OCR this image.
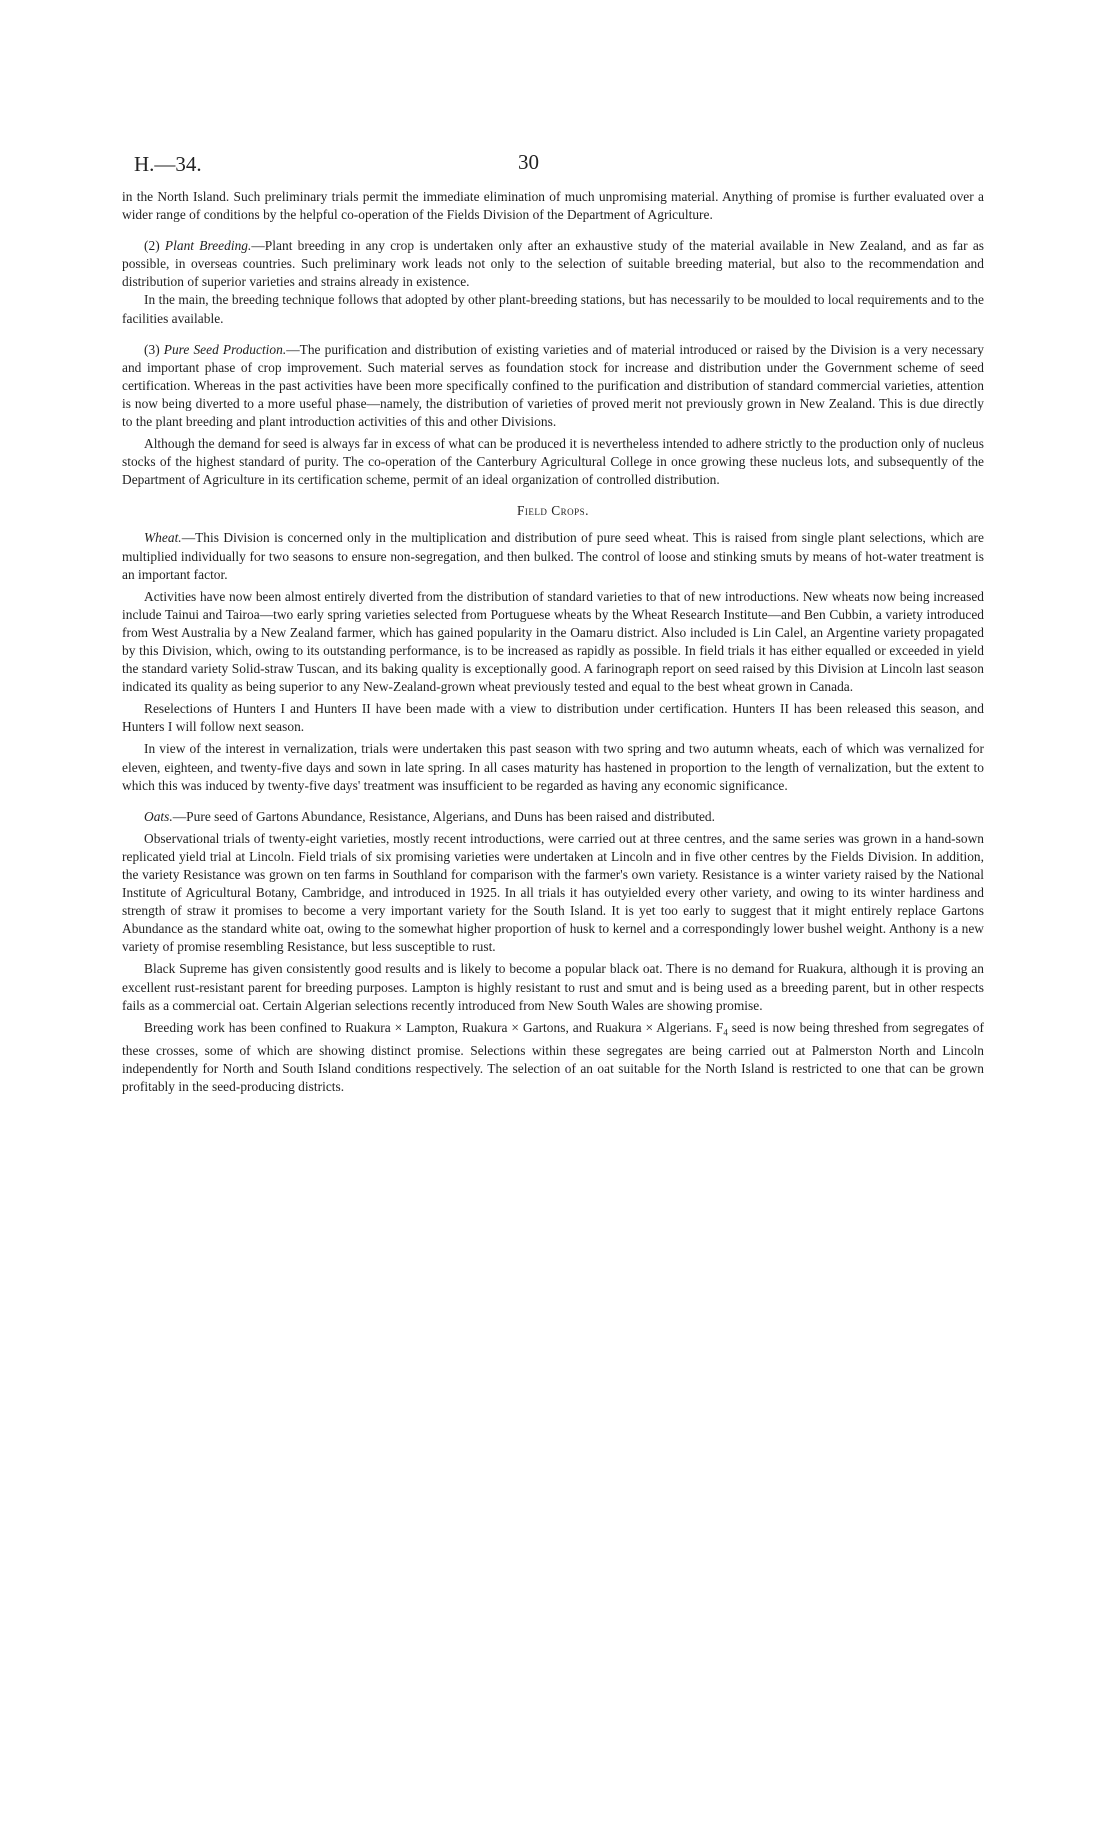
H.—34.	30

in the North Island. Such preliminary trials permit the immediate elimination of much unpromising material. Anything of promise is further evaluated over a wider range of conditions by the helpful co-operation of the Fields Division of the Department of Agriculture.

(2) Plant Breeding.—Plant breeding in any crop is undertaken only after an exhaustive study of the material available in New Zealand, and as far as possible, in overseas countries. Such preliminary work leads not only to the selection of suitable breeding material, but also to the recommendation and distribution of superior varieties and strains already in existence.

In the main, the breeding technique follows that adopted by other plant-breeding stations, but has necessarily to be moulded to local requirements and to the facilities available.

(3) Pure Seed Production.—The purification and distribution of existing varieties and of material introduced or raised by the Division is a very necessary and important phase of crop improvement. Such material serves as foundation stock for increase and distribution under the Government scheme of seed certification. Whereas in the past activities have been more specifically confined to the purification and distribution of standard commercial varieties, attention is now being diverted to a more useful phase—namely, the distribution of varieties of proved merit not previously grown in New Zealand. This is due directly to the plant breeding and plant introduction activities of this and other Divisions.

Although the demand for seed is always far in excess of what can be produced it is nevertheless intended to adhere strictly to the production only of nucleus stocks of the highest standard of purity. The co-operation of the Canterbury Agricultural College in once growing these nucleus lots, and subsequently of the Department of Agriculture in its certification scheme, permit of an ideal organization of controlled distribution.

Field Crops.

Wheat.—This Division is concerned only in the multiplication and distribution of pure seed wheat. This is raised from single plant selections, which are multiplied individually for two seasons to ensure non-segregation, and then bulked. The control of loose and stinking smuts by means of hot-water treatment is an important factor.

Activities have now been almost entirely diverted from the distribution of standard varieties to that of new introductions. New wheats now being increased include Tainui and Tairoa—two early spring varieties selected from Portuguese wheats by the Wheat Research Institute—and Ben Cubbin, a variety introduced from West Australia by a New Zealand farmer, which has gained popularity in the Oamaru district. Also included is Lin Calel, an Argentine variety propagated by this Division, which, owing to its outstanding performance, is to be increased as rapidly as possible. In field trials it has either equalled or exceeded in yield the standard variety Solid-straw Tuscan, and its baking quality is exceptionally good. A farinograph report on seed raised by this Division at Lincoln last season indicated its quality as being superior to any New-Zealand-grown wheat previously tested and equal to the best wheat grown in Canada.

Reselections of Hunters I and Hunters II have been made with a view to distribution under certification. Hunters II has been released this season, and Hunters I will follow next season.

In view of the interest in vernalization, trials were undertaken this past season with two spring and two autumn wheats, each of which was vernalized for eleven, eighteen, and twenty-five days and sown in late spring. In all cases maturity has hastened in proportion to the length of vernalization, but the extent to which this was induced by twenty-five days' treatment was insufficient to be regarded as having any economic significance.

Oats.—Pure seed of Gartons Abundance, Resistance, Algerians, and Duns has been raised and distributed.

Observational trials of twenty-eight varieties, mostly recent introductions, were carried out at three centres, and the same series was grown in a hand-sown replicated yield trial at Lincoln. Field trials of six promising varieties were undertaken at Lincoln and in five other centres by the Fields Division. In addition, the variety Resistance was grown on ten farms in Southland for comparison with the farmer's own variety. Resistance is a winter variety raised by the National Institute of Agricultural Botany, Cambridge, and introduced in 1925. In all trials it has outyielded every other variety, and owing to its winter hardiness and strength of straw it promises to become a very important variety for the South Island. It is yet too early to suggest that it might entirely replace Gartons Abundance as the standard white oat, owing to the somewhat higher proportion of husk to kernel and a correspondingly lower bushel weight. Anthony is a new variety of promise resembling Resistance, but less susceptible to rust.

Black Supreme has given consistently good results and is likely to become a popular black oat. There is no demand for Ruakura, although it is proving an excellent rust-resistant parent for breeding purposes. Lampton is highly resistant to rust and smut and is being used as a breeding parent, but in other respects fails as a commercial oat. Certain Algerian selections recently introduced from New South Wales are showing promise.

Breeding work has been confined to Ruakura × Lampton, Ruakura × Gartons, and Ruakura × Algerians. $F_4$ seed is now being threshed from segregates of these crosses, some of which are showing distinct promise. Selections within these segregates are being carried out at Palmerston North and Lincoln independently for North and South Island conditions respectively. The selection of an oat suitable for the North Island is restricted to one that can be grown profitably in the seed-producing districts.
